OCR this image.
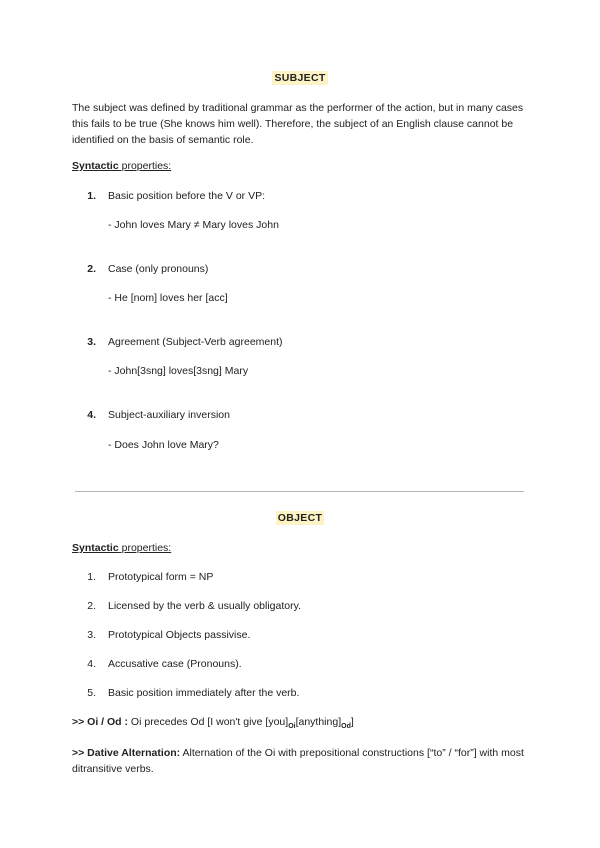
SUBJECT
The subject was defined by traditional grammar as the performer of the action, but in many cases this fails to be true (She knows him well). Therefore, the subject of an English clause cannot be identified on the basis of semantic role.
Syntactic properties:
1. Basic position before the V or VP:
- John loves Mary ≠ Mary loves John
2. Case (only pronouns)
- He [nom] loves her [acc]
3. Agreement (Subject-Verb agreement)
- John[3sng] loves[3sng] Mary
4. Subject-auxiliary inversion
- Does John love Mary?
OBJECT
Syntactic properties:
1. Prototypical form = NP
2. Licensed by the verb & usually obligatory.
3. Prototypical Objects passivise.
4. Accusative case (Pronouns).
5. Basic position immediately after the verb.
>> Oi / Od : Oi precedes Od [I won't give $[you]_{Oi}[anything]_{Od}$]
>> Dative Alternation: Alternation of the Oi with prepositional constructions [“to” / “for”] with most ditransitive verbs.
